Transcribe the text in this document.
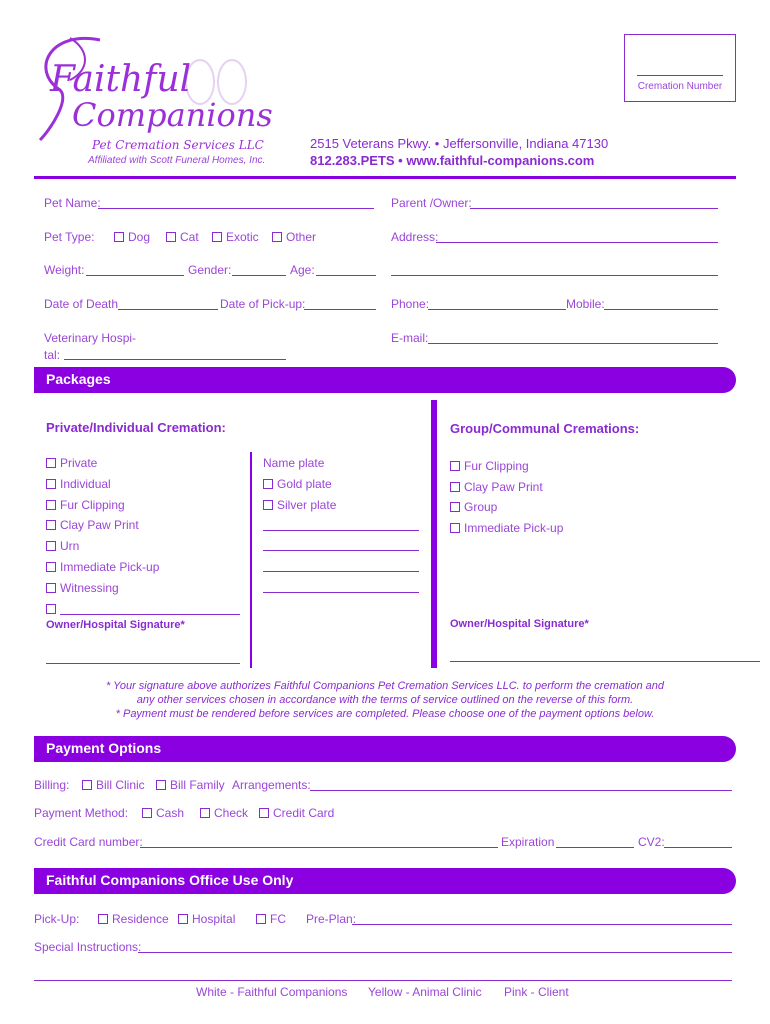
Faithful
Companions
Pet Cremation Services LLC
Affiliated with Scott Funeral Homes, Inc.
2515 Veterans Pkwy. • Jeffersonville, Indiana 47130
812.283.PETS • www.faithful-companions.com
Cremation Number
Pet Name:	Parent /Owner:
Pet Type:	Dog	Cat	Exotic	Other	Address:
Weight:	Gender:	Age:
Date of Death	Date of Pick-up:	Phone:	Mobile:
Veterinary Hospi-
tal:
E-mail:
Packages
Private/Individual Cremation:
Private
Individual
Fur Clipping
Clay Paw Print
Urn
Immediate Pick-up
Witnessing
Name plate
Gold plate
Silver plate
Group/Communal Cremations:
Fur Clipping
Clay Paw Print
Group
Immediate Pick-up
Owner/Hospital Signature*	Owner/Hospital Signature*
* Your signature above authorizes Faithful Companions Pet Cremation Services LLC. to perform the cremation and
any other services chosen in accordance with the terms of service outlined on the reverse of this form.
* Payment must be rendered before services are completed. Please choose one of the payment options below.
Payment Options
Billing:	Bill Clinic	Bill Family Arrangements:
Payment Method:	Cash	Check	Credit Card
Credit Card number:	Expiration	CV2:
Faithful Companions Office Use Only
Pick-Up:	Residence	Hospital	FC Pre-Plan:
Special Instructions:
White - Faithful Companions Yellow - Animal Clinic Pink - Client
